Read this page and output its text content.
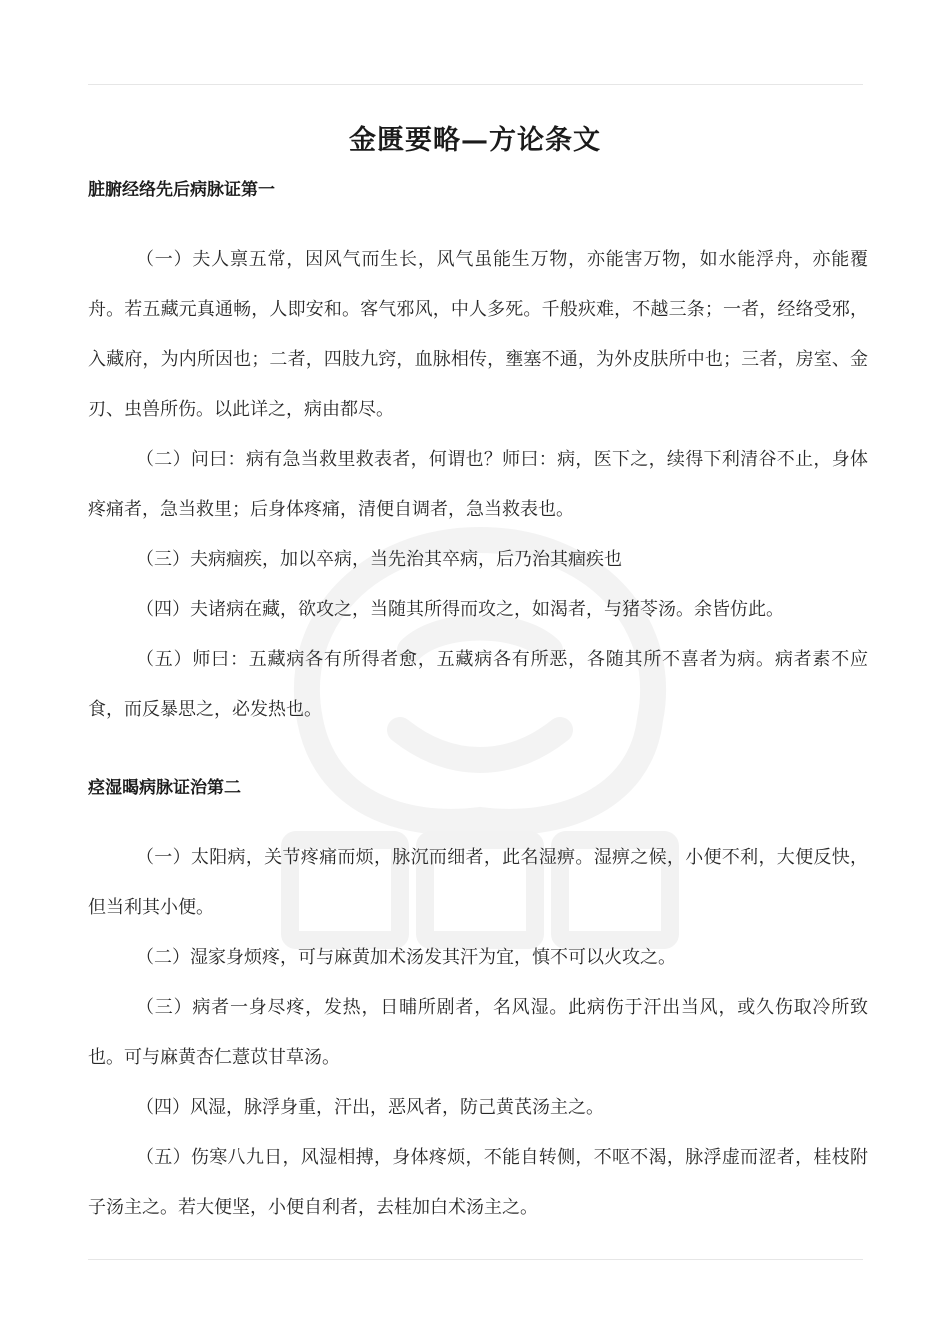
金匮要略—方论条文
脏腑经络先后病脉证第一

（一）夫人禀五常，因风气而生长，风气虽能生万物，亦能害万物，如水能浮舟，亦能覆舟。若五藏元真通畅，人即安和。客气邪风，中人多死。千般疢难，不越三条；一者，经络受邪，入藏府，为内所因也；二者，四肢九窍，血脉相传，壅塞不通，为外皮肤所中也；三者，房室、金刃、虫兽所伤。以此详之，病由都尽。

（二）问曰：病有急当救里救表者，何谓也？师曰：病，医下之，续得下利清谷不止，身体疼痛者，急当救里；后身体疼痛，清便自调者，急当救表也。

（三）夫病痼疾，加以卒病，当先治其卒病，后乃治其痼疾也

（四）夫诸病在藏，欲攻之，当随其所得而攻之，如渴者，与猪苓汤。余皆仿此。

（五）师曰：五藏病各有所得者愈，五藏病各有所恶，各随其所不喜者为病。病者素不应食，而反暴思之，必发热也。

痉湿暍病脉证治第二

（一）太阳病，关节疼痛而烦，脉沉而细者，此名湿痹。湿痹之候，小便不利，大便反快，但当利其小便。

（二）湿家身烦疼，可与麻黄加术汤发其汗为宜，慎不可以火攻之。

（三）病者一身尽疼，发热，日晡所剧者，名风湿。此病伤于汗出当风，或久伤取冷所致也。可与麻黄杏仁薏苡甘草汤。

（四）风湿，脉浮身重，汗出，恶风者，防己黄芪汤主之。

（五）伤寒八九日，风湿相搏，身体疼烦，不能自转侧，不呕不渴，脉浮虚而涩者，桂枝附子汤主之。若大便坚，小便自利者，去桂加白术汤主之。
